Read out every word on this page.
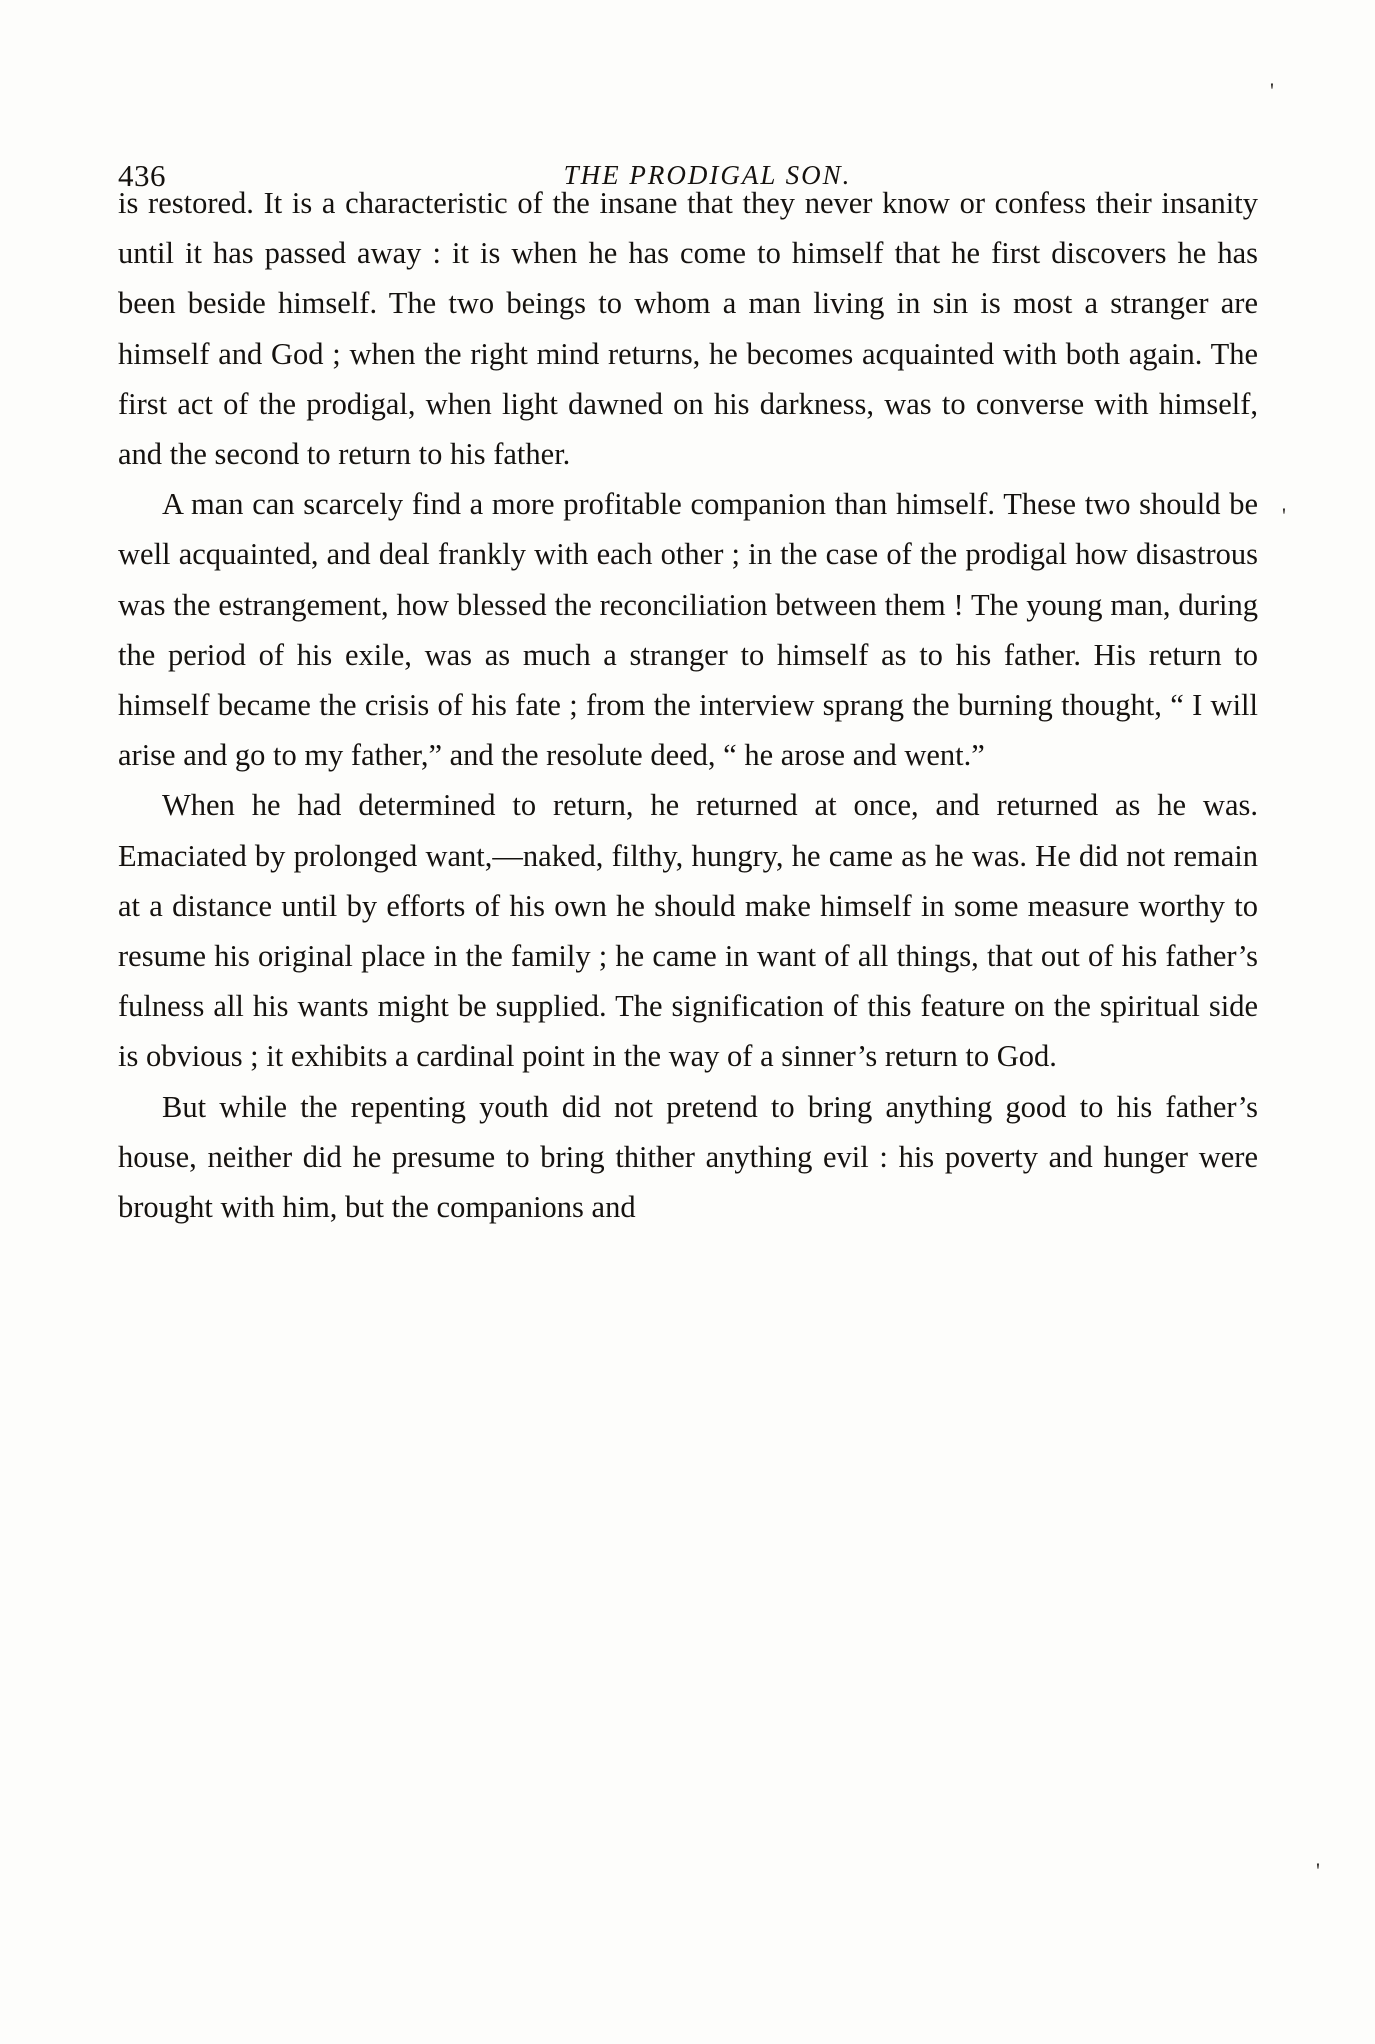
436	THE PRODIGAL SON.

is restored. It is a characteristic of the insane that they never know or confess their insanity until it has passed away : it is when he has come to himself that he first discovers he has been beside himself. The two beings to whom a man living in sin is most a stranger are himself and God ; when the right mind returns, he becomes acquainted with both again. The first act of the prodigal, when light dawned on his darkness, was to converse with himself, and the second to return to his father.

A man can scarcely find a more profitable companion than himself. These two should be well acquainted, and deal frankly with each other ; in the case of the prodigal how disastrous was the estrangement, how blessed the reconciliation between them ! The young man, during the period of his exile, was as much a stranger to himself as to his father. His return to himself became the crisis of his fate ; from the interview sprang the burning thought, “ I will arise and go to my father,” and the resolute deed, “ he arose and went.”

When he had determined to return, he returned at once, and returned as he was. Emaciated by prolonged want,—naked, filthy, hungry, he came as he was. He did not remain at a distance until by efforts of his own he should make himself in some measure worthy to resume his original place in the family ; he came in want of all things, that out of his father’s fulness all his wants might be supplied. The signification of this feature on the spiritual side is obvious ; it exhibits a cardinal point in the way of a sinner’s return to God.

But while the repenting youth did not pretend to bring anything good to his father’s house, neither did he presume to bring thither anything evil : his poverty and hunger were brought with him, but the companions and

'
'
'
